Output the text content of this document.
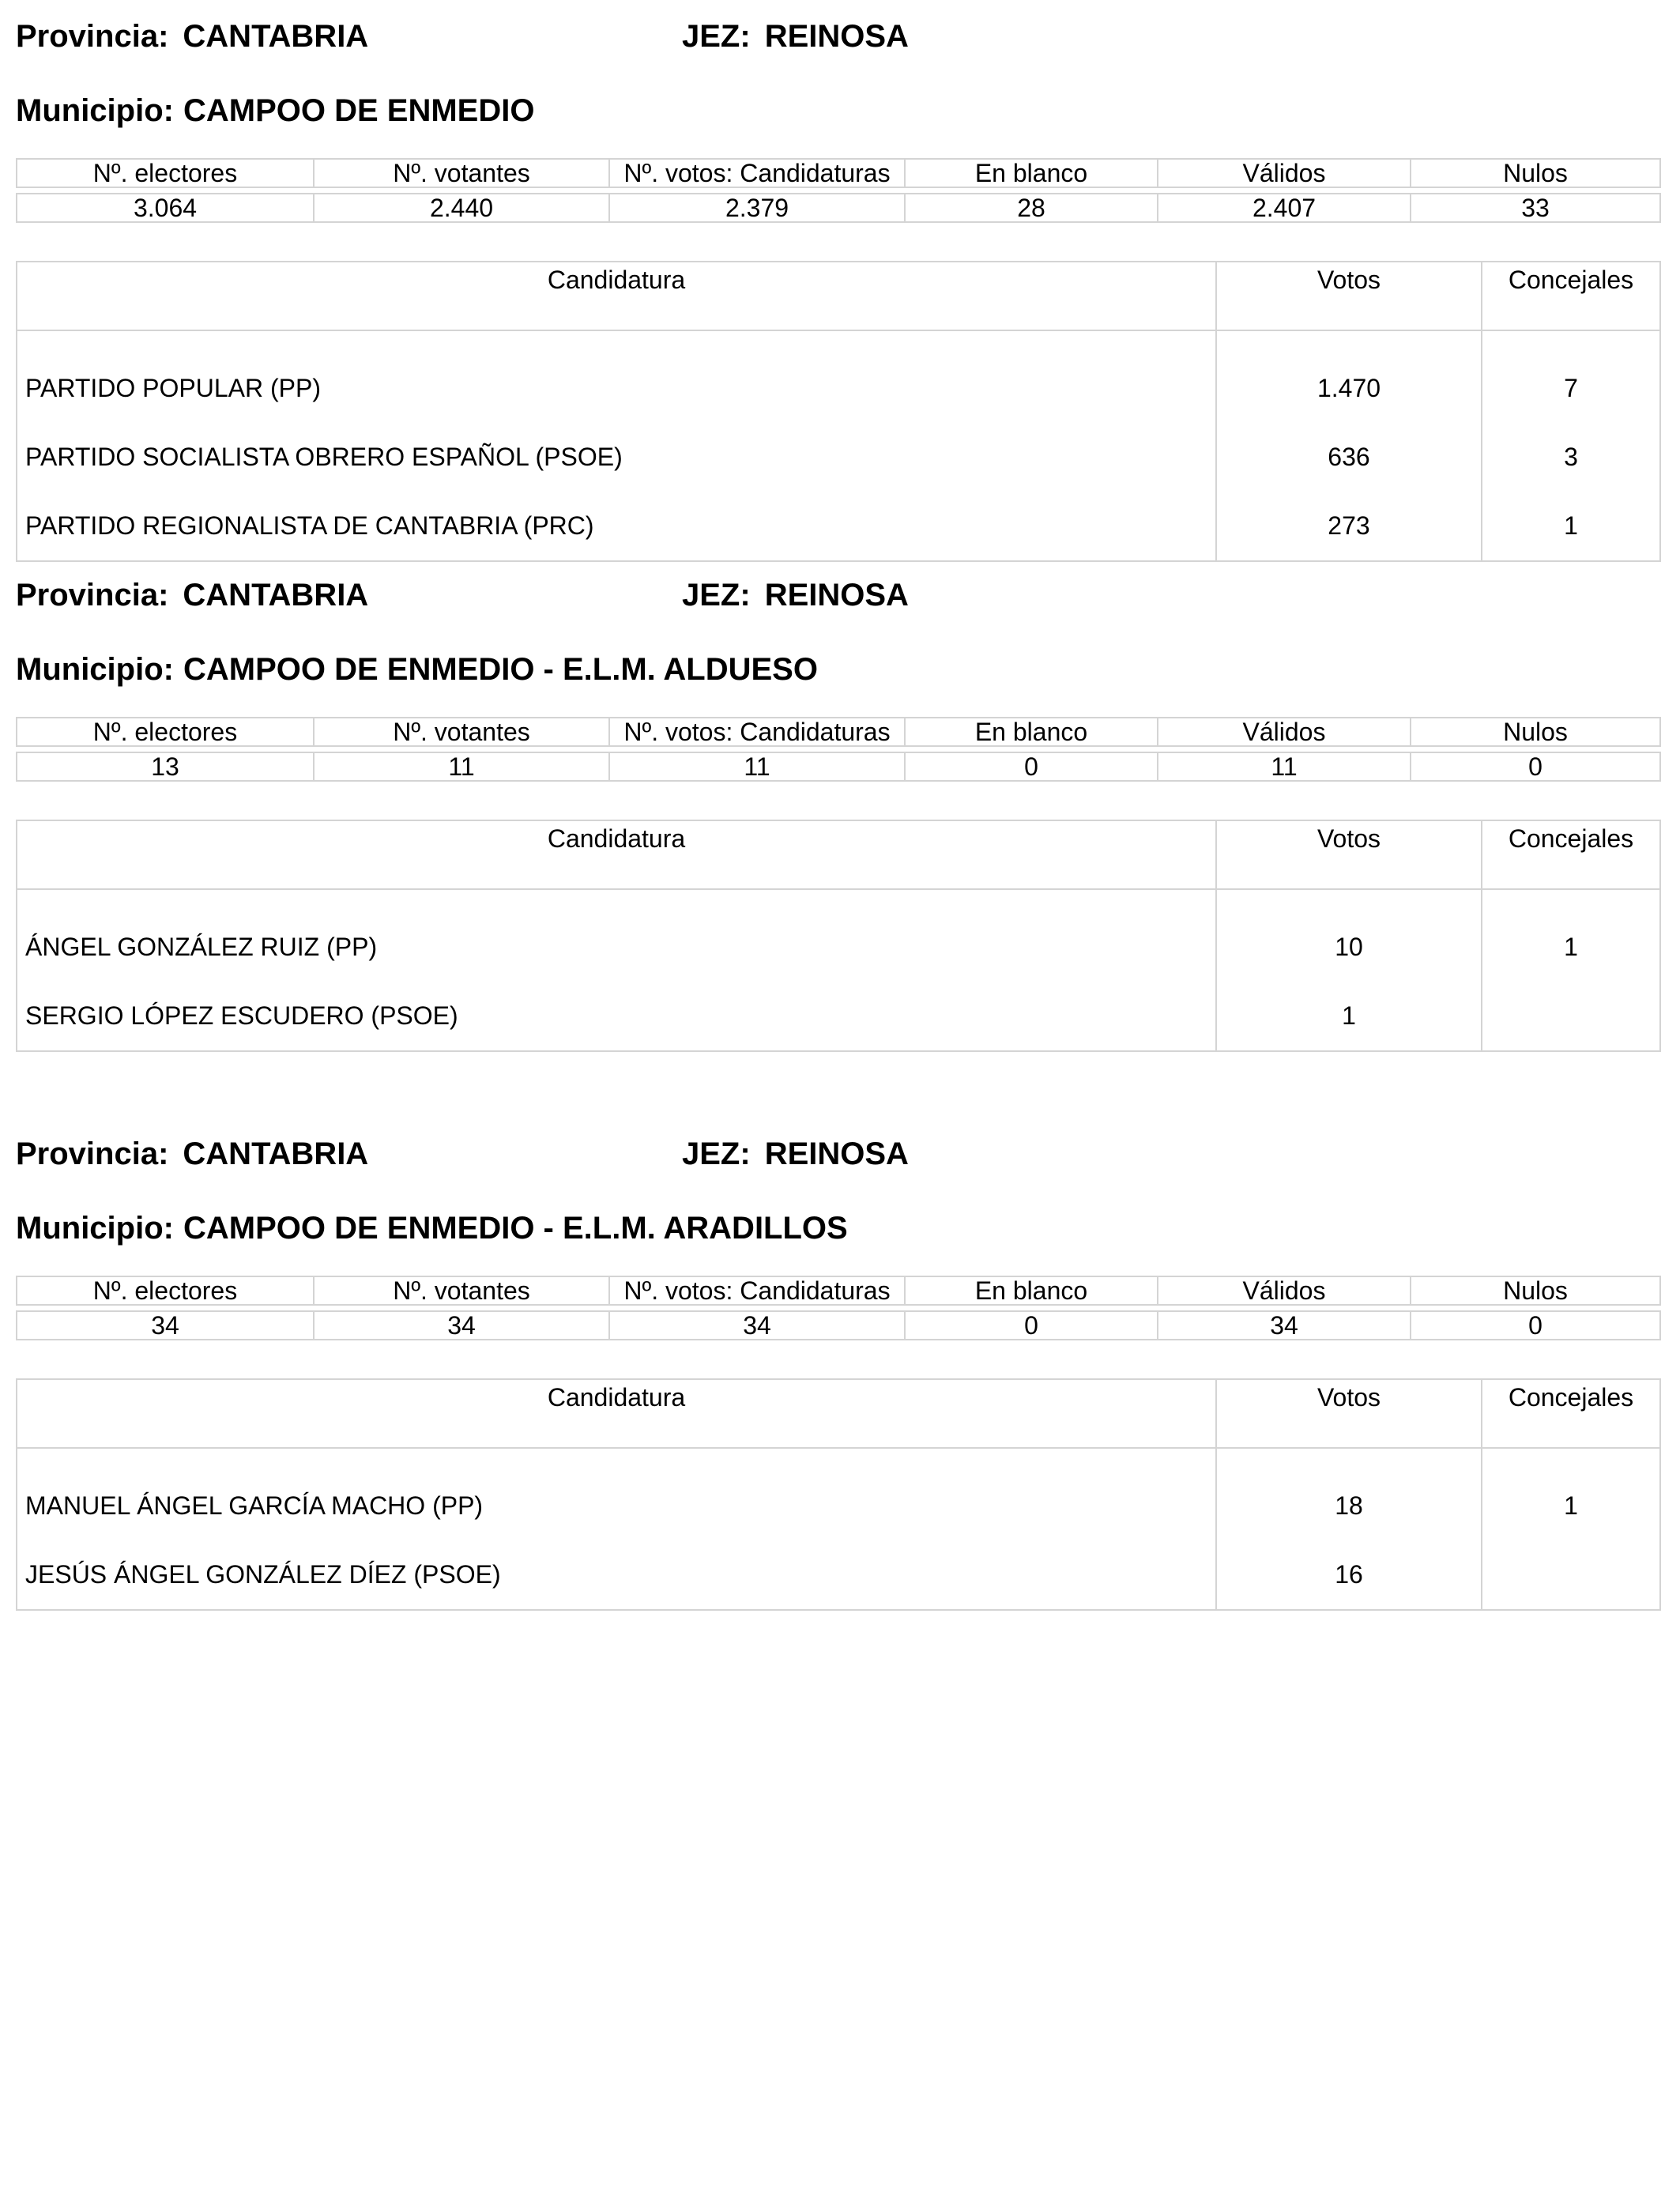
Provincia: CANTABRIA	JEZ: REINOSA
Municipio: CAMPOO DE ENMEDIO
Nº. electores	Nº. votantes	Nº. votos: Candidaturas	En blanco	Válidos	Nulos

3.064	2.440	2.379	28	2.407	33
Candidatura	Votos	Concejales
PARTIDO POPULAR (PP)	1.470	7
PARTIDO SOCIALISTA OBRERO ESPAÑOL (PSOE)	636	3
PARTIDO REGIONALISTA DE CANTABRIA (PRC)	273	1
Provincia: CANTABRIA	JEZ: REINOSA
Municipio: CAMPOO DE ENMEDIO - E.L.M. ALDUESO
Nº. electores	Nº. votantes	Nº. votos: Candidaturas	En blanco	Válidos	Nulos

13	11	11	0	11	0
Candidatura	Votos	Concejales
ÁNGEL GONZÁLEZ RUIZ (PP)	10	1
SERGIO LÓPEZ ESCUDERO (PSOE)	1	
Provincia: CANTABRIA	JEZ: REINOSA
Municipio: CAMPOO DE ENMEDIO - E.L.M. ARADILLOS
Nº. electores	Nº. votantes	Nº. votos: Candidaturas	En blanco	Válidos	Nulos

34	34	34	0	34	0
Candidatura	Votos	Concejales
MANUEL ÁNGEL GARCÍA MACHO (PP)	18	1
JESÚS ÁNGEL GONZÁLEZ DÍEZ (PSOE)	16	
